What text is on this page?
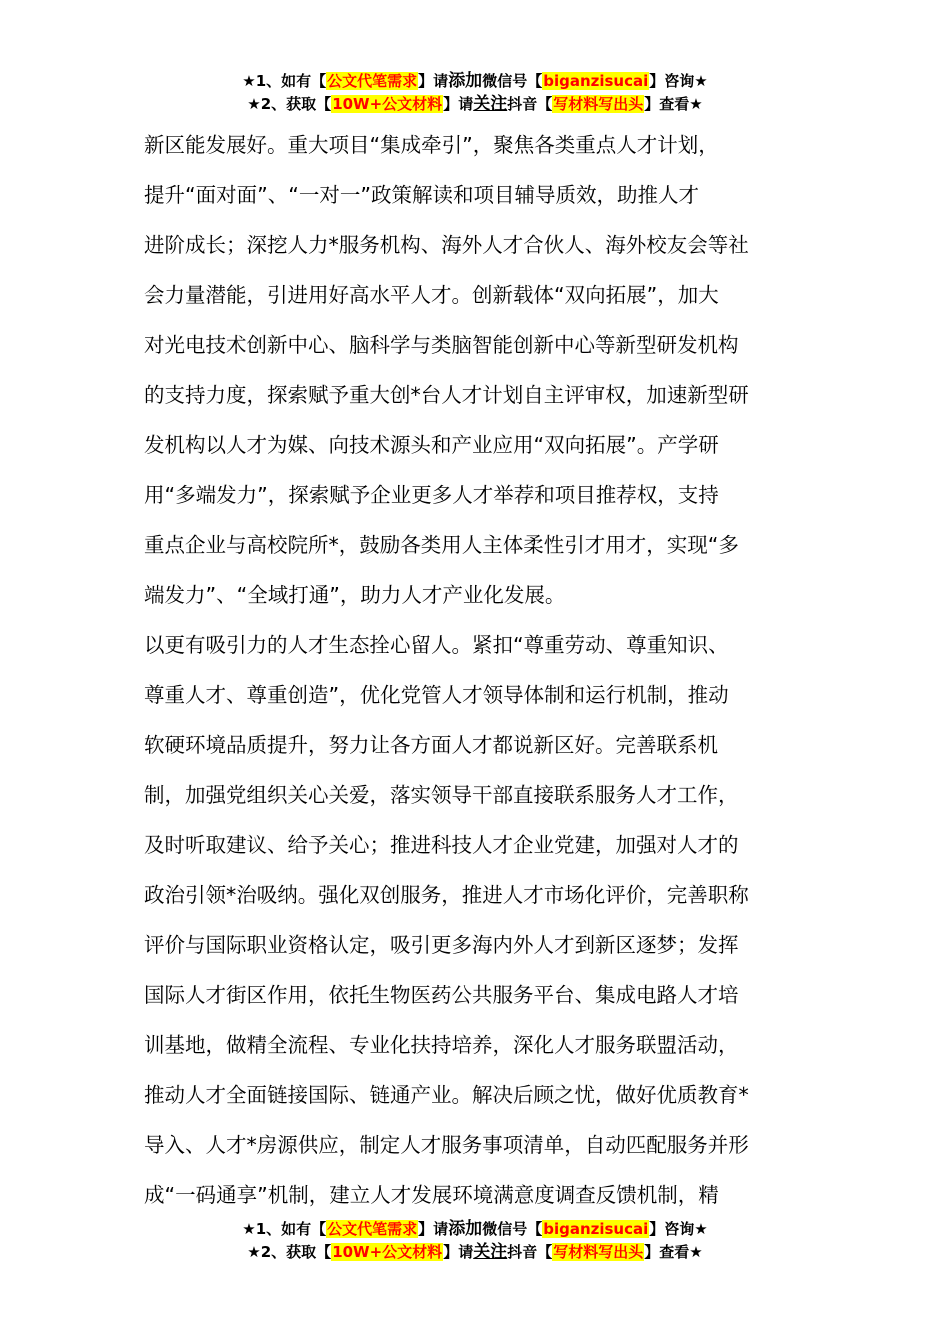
★1、如有【公文代笔需求】请添加微信号【biganzisucai】咨询★
★2、获取【10W+公文材料】请关注抖音【写材料写出头】查看★
新区能发展好。重大项目“集成牵引”，聚焦各类重点人才计划，
提升“面对面”、“一对一”政策解读和项目辅导质效，助推人才
进阶成长；深挖人力*服务机构、海外人才合伙人、海外校友会等社
会力量潜能，引进用好高水平人才。创新载体“双向拓展”，加大
对光电技术创新中心、脑科学与类脑智能创新中心等新型研发机构
的支持力度，探索赋予重大创*台人才计划自主评审权，加速新型研
发机构以人才为媒、向技术源头和产业应用“双向拓展”。产学研
用“多端发力”，探索赋予企业更多人才举荐和项目推荐权，支持
重点企业与高校院所*，鼓励各类用人主体柔性引才用才，实现“多
端发力”、“全域打通”，助力人才产业化发展。
以更有吸引力的人才生态拴心留人。紧扣“尊重劳动、尊重知识、
尊重人才、尊重创造”，优化党管人才领导体制和运行机制，推动
软硬环境品质提升，努力让各方面人才都说新区好。完善联系机
制，加强党组织关心关爱，落实领导干部直接联系服务人才工作，
及时听取建议、给予关心；推进科技人才企业党建，加强对人才的
政治引领*治吸纳。强化双创服务，推进人才市场化评价，完善职称
评价与国际职业资格认定，吸引更多海内外人才到新区逐梦；发挥
国际人才街区作用，依托生物医药公共服务平台、集成电路人才培
训基地，做精全流程、专业化扶持培养，深化人才服务联盟活动，
推动人才全面链接国际、链通产业。解决后顾之忧，做好优质教育*
导入、人才*房源供应，制定人才服务事项清单，自动匹配服务并形
成“一码通享”机制，建立人才发展环境满意度调查反馈机制，精
★1、如有【公文代笔需求】请添加微信号【biganzisucai】咨询★
★2、获取【10W+公文材料】请关注抖音【写材料写出头】查看★
